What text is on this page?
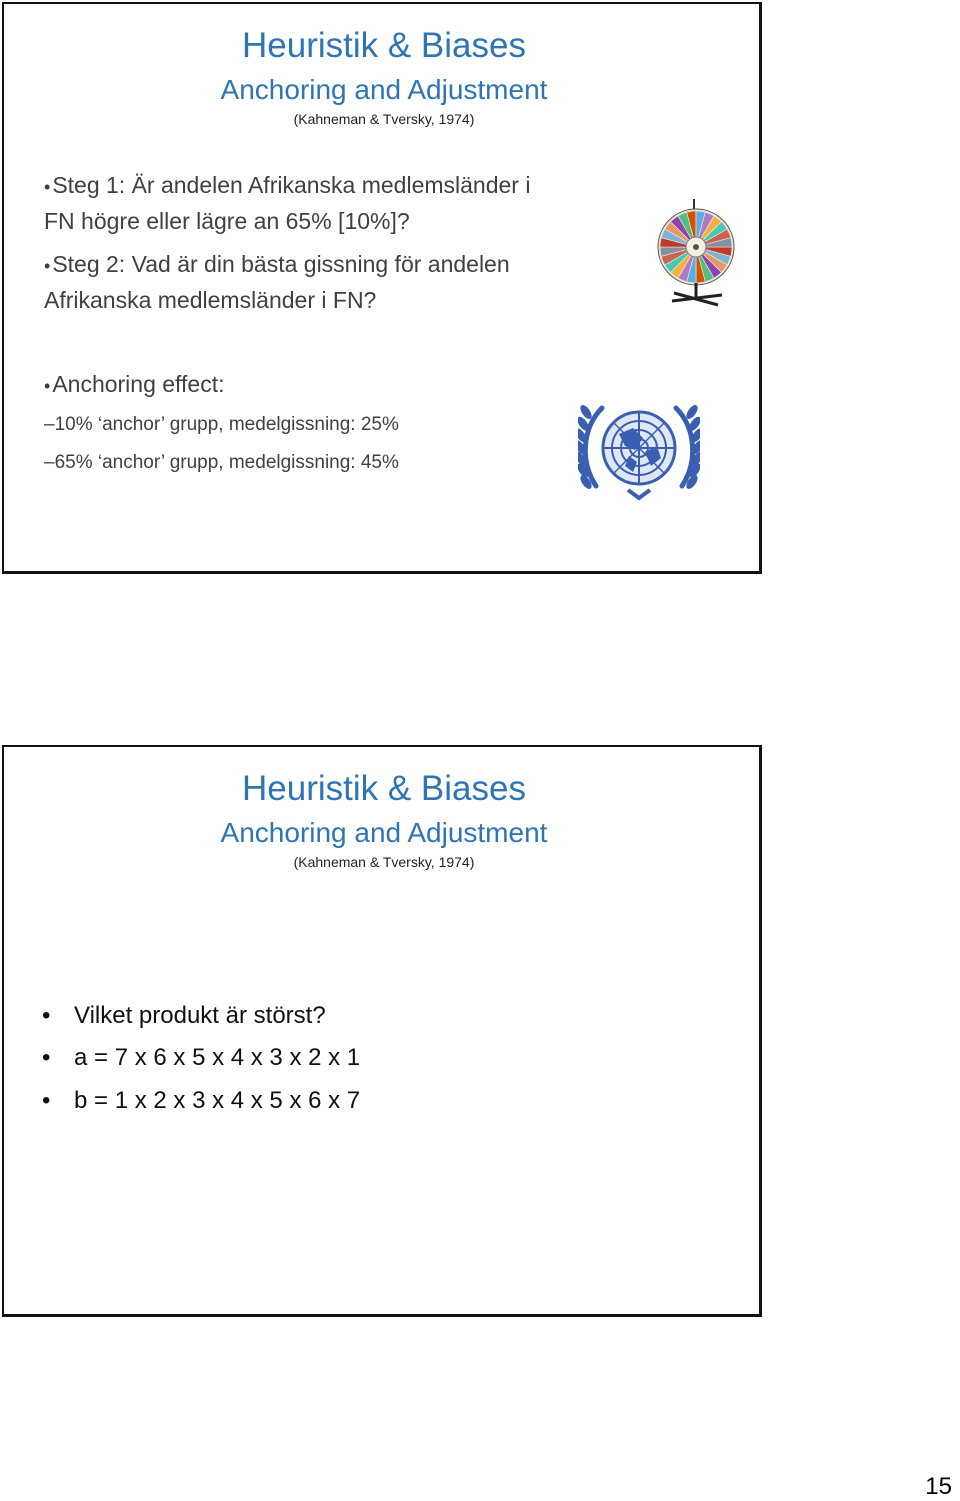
Heuristik & Biases
Anchoring and Adjustment
(Kahneman & Tversky, 1974)
•Steg 1: Är andelen Afrikanska medlemsländer i
FN högre eller lägre an 65% [10%]?
•Steg 2: Vad är din bästa gissning för andelen
Afrikanska medlemsländer i FN?
•Anchoring effect:
–10% ‘anchor’ grupp, medelgissning: 25%
–65% ‘anchor’ grupp, medelgissning: 45%
Heuristik & Biases
Anchoring and Adjustment
(Kahneman & Tversky, 1974)
• Vilket produkt är störst?
• a = 7 x 6 x 5 x 4 x 3 x 2 x 1
• b = 1 x 2 x 3 x 4 x 5 x 6 x 7
15
